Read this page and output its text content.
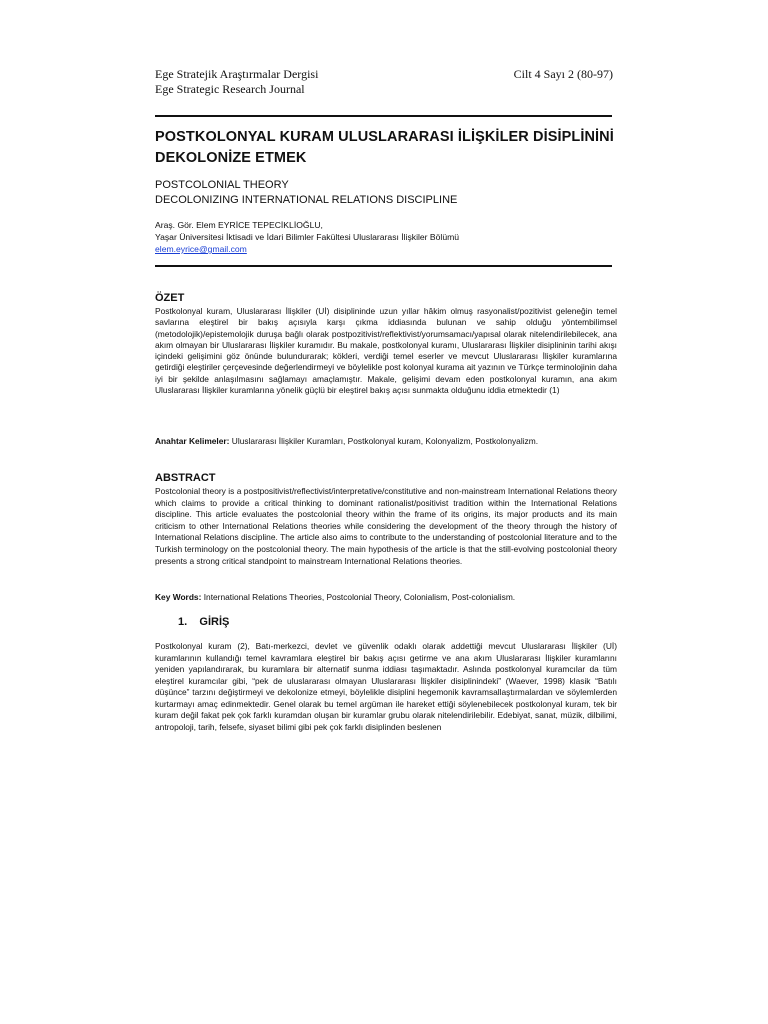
Ege Stratejik Araştırmalar Dergisi	Cilt 4 Sayı 2 (80-97)
Ege Strategic Research Journal
POSTKOLONYAL KURAM ULUSLARARASI İLİŞKİLER DİSİPLİNİNİ
DEKOLONİZE ETMEK
POSTCOLONIAL THEORY
DECOLONIZING INTERNATIONAL RELATIONS DISCIPLINE
Araş. Gör. Elem EYRİCE TEPECİKLİOĞLU,
Yaşar Üniversitesi İktisadi ve İdari Bilimler Fakültesi Uluslararası İlişkiler Bölümü
elem.eyrice@gmail.com
ÖZET
Postkolonyal kuram, Uluslararası İlişkiler (Uİ) disiplininde uzun yıllar hâkim olmuş rasyonalist/pozitivist geleneğin temel savlarına eleştirel bir bakış açısıyla karşı çıkma iddiasında bulunan ve sahip olduğu yöntembilimsel (metodolojik)/epistemolojik duruşa bağlı olarak postpozitivist/reflektivist/yorumsamacı/yapısal olarak nitelendirilebilecek, ana akım olmayan bir Uluslararası İlişkiler kuramıdır. Bu makale, postkolonyal kuramı, Uluslararası İlişkiler disiplininin tarihi akışı içindeki gelişimini göz önünde bulundurarak; kökleri, verdiği temel eserler ve mevcut Uluslararası İlişkiler kuramlarına getirdiği eleştiriler çerçevesinde değerlendirmeyi ve böylelikle post kolonyal kurama ait yazının ve Türkçe terminolojinin daha iyi bir şekilde anlaşılmasını sağlamayı amaçlamıştır. Makale, gelişimi devam eden postkolonyal kuramın, ana akım Uluslararası İlişkiler kuramlarına yönelik güçlü bir eleştirel bakış açısı sunmakta olduğunu iddia etmektedir (1)
Anahtar Kelimeler: Uluslararası İlişkiler Kuramları, Postkolonyal kuram, Kolonyalizm, Postkolonyalizm.
ABSTRACT
Postcolonial theory is a postpositivist/reflectivist/interpretative/constitutive and non-mainstream International Relations theory which claims to provide a critical thinking to dominant rationalist/positivist tradition within the International Relations discipline. This article evaluates the postcolonial theory within the frame of its origins, its major products and its main criticism to other International Relations theories while considering the development of the theory through the history of International Relations discipline. The article also aims to contribute to the understanding of postcolonial literature and to the Turkish terminology on the postcolonial theory. The main hypothesis of the article is that the still-evolving postcolonial theory presents a strong critical standpoint to mainstream International Relations theories.
Key Words: International Relations Theories, Postcolonial Theory, Colonialism, Post-colonialism.
1.    GİRİŞ
Postkolonyal kuram (2), Batı-merkezci, devlet ve güvenlik odaklı olarak addettiği mevcut Uluslararası İlişkiler (Uİ) kuramlarının kullandığı temel kavramlara eleştirel bir bakış açısı getirme ve ana akım Uluslararası İlişkiler kuramlarını yeniden yapılandırarak, bu kuramlara bir alternatif sunma iddiası taşımaktadır. Aslında postkolonyal kuramcılar da tüm eleştirel kuramcılar gibi, “pek de uluslararası olmayan Uluslararası İlişkiler disiplinindeki” (Waever, 1998) klasik “Batılı düşünce” tarzını değiştirmeyi ve dekolonize etmeyi, böylelikle disiplini hegemonik kavramsallaştırmalardan ve söylemlerden kurtarmayı amaç edinmektedir. Genel olarak bu temel argüman ile hareket ettiği söylenebilecek postkolonyal kuram, tek bir kuram değil fakat pek çok farklı kuramdan oluşan bir kuramlar grubu olarak nitelendirilebilir. Edebiyat, sanat, müzik, dilbilimi, antropoloji, tarih, felsefe, siyaset bilimi gibi pek çok farklı disiplinden beslenen
